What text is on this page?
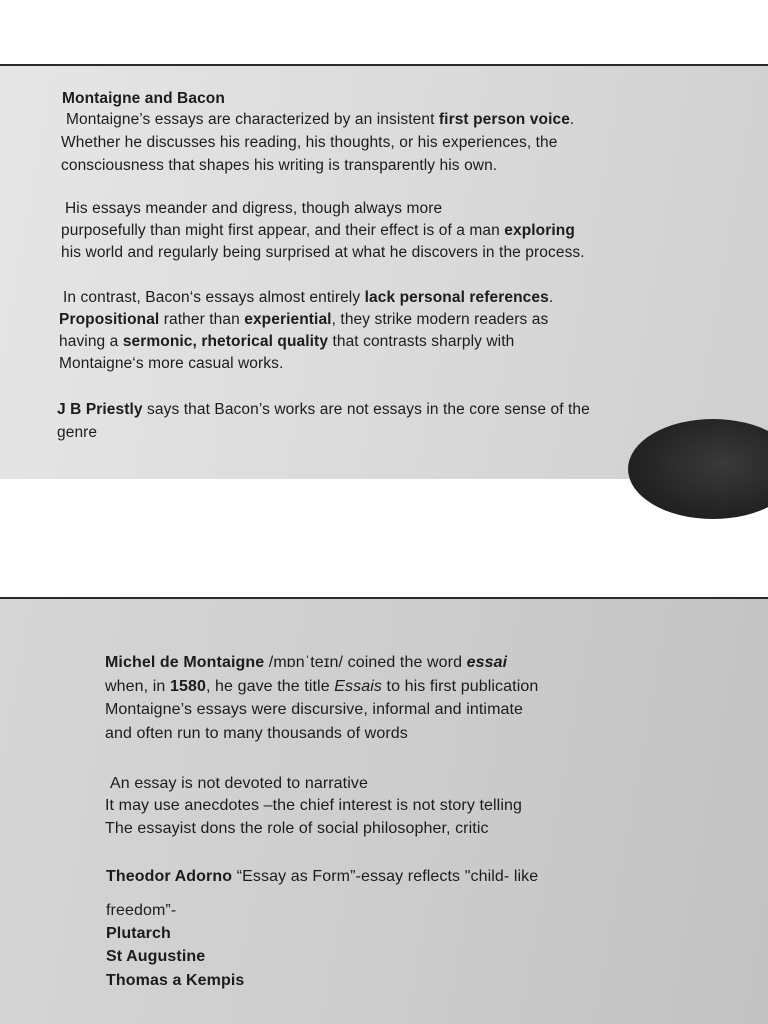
Montaigne and Bacon
Montaigne’s essays are characterized by an insistent first person voice.
Whether he discusses his reading, his thoughts, or his experiences, the
consciousness that shapes his writing is transparently his own.
His essays meander and digress, though always more
purposefully than might first appear, and their effect is of a man exploring
his world and regularly being surprised at what he discovers in the process.
In contrast, Bacon‘s essays almost entirely lack personal references.
Propositional rather than experiential, they strike modern readers as
having a sermonic, rhetorical quality that contrasts sharply with
Montaigne‘s more casual works.
J B Priestly says that Bacon’s works are not essays in the core sense of the
genre
Michel de Montaigne /mɒnˈteɪn/ coined the word essai
when, in 1580, he gave the title Essais to his first publication
Montaigne’s essays were discursive, informal and intimate
and often run to many thousands of words
An essay is not devoted to narrative
It may use anecdotes –the chief interest is not story telling
The essayist dons the role of social philosopher, critic
Theodor Adorno “Essay as Form”-essay reflects "child- like
freedom”-
Plutarch
St Augustine
Thomas a Kempis
